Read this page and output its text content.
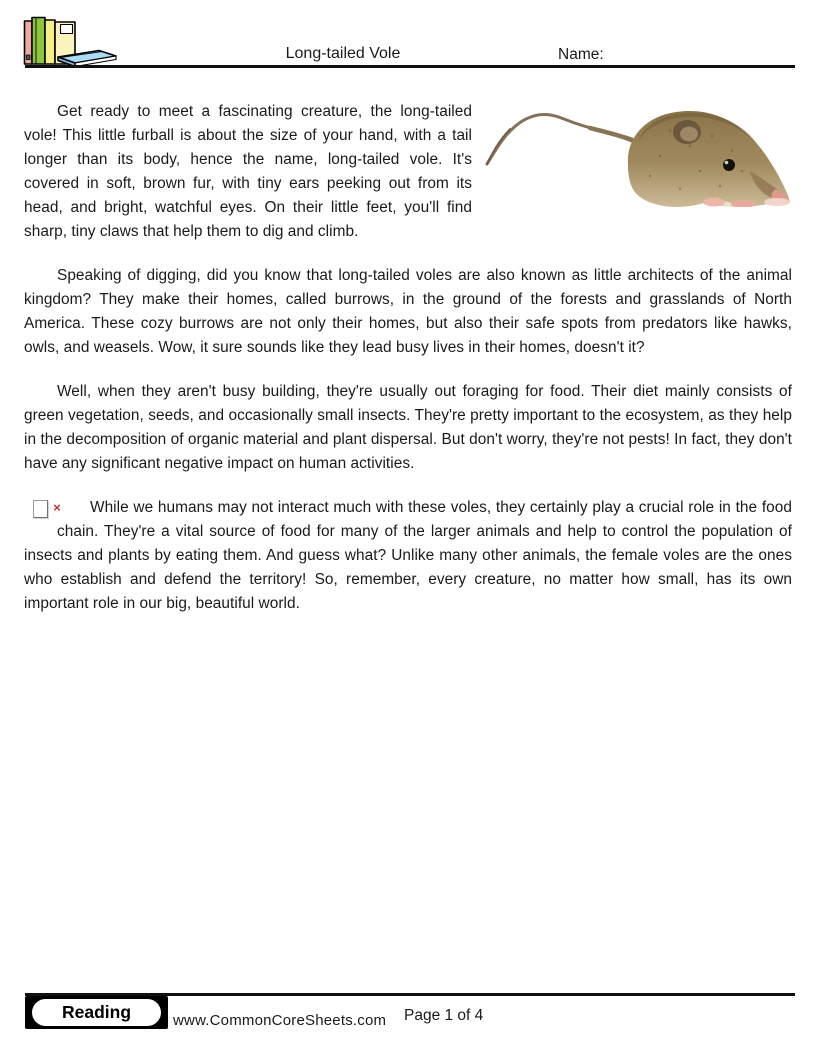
Long-tailed Vole	Name:

Get ready to meet a fascinating creature, the long-tailed vole! This little furball is about the size of your hand, with a tail longer than its body, hence the name, long-tailed vole. It's covered in soft, brown fur, with tiny ears peeking out from its head, and bright, watchful eyes. On their little feet, you'll find sharp, tiny claws that help them to dig and climb.

Speaking of digging, did you know that long-tailed voles are also known as little architects of the animal kingdom? They make their homes, called burrows, in the ground of the forests and grasslands of North America. These cozy burrows are not only their homes, but also their safe spots from predators like hawks, owls, and weasels. Wow, it sure sounds like they lead busy lives in their homes, doesn't it?

Well, when they aren't busy building, they're usually out foraging for food. Their diet mainly consists of green vegetation, seeds, and occasionally small insects. They're pretty important to the ecosystem, as they help in the decomposition of organic material and plant dispersal. But don't worry, they're not pests! In fact, they don't have any significant negative impact on human activities.

× While we humans may not interact much with these voles, they certainly play a crucial role in the food chain. They're a vital source of food for many of the larger animals and help to control the population of insects and plants by eating them. And guess what? Unlike many other animals, the female voles are the ones who establish and defend the territory! So, remember, every creature, no matter how small, has its own important role in our big, beautiful world.

Reading	www.CommonCoreSheets.com Page 1 of 4
